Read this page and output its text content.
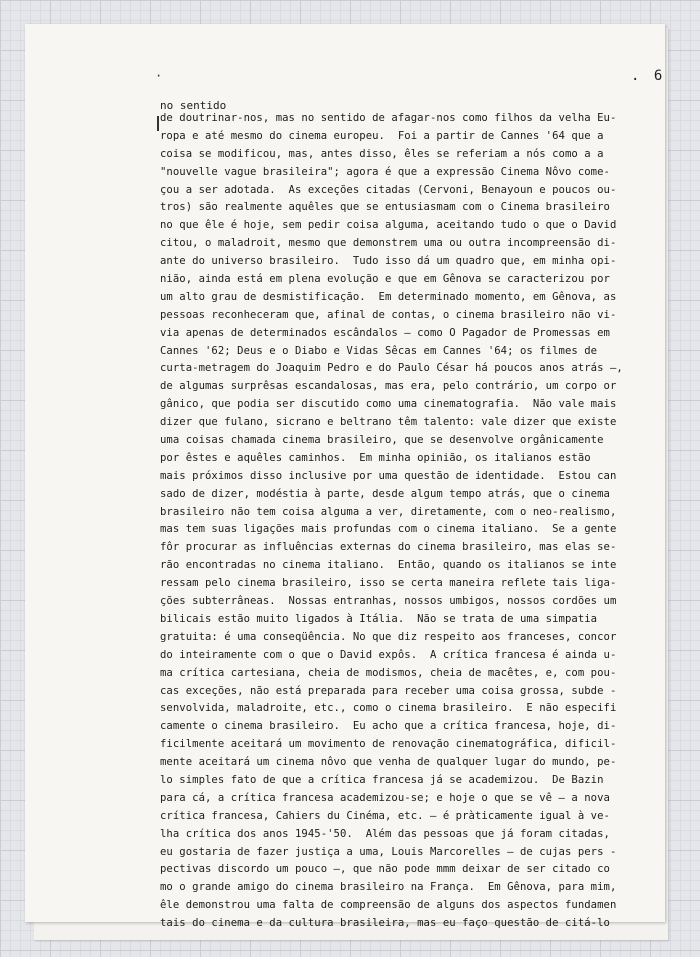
·	. 6
no sentido
de doutrinar-nos, mas no sentido de afagar-nos como filhos da velha Eu-
ropa e até mesmo do cinema europeu.  Foi a partir de Cannes '64 que a
coisa se modificou, mas, antes disso, êles se referiam a nós como a a
"nouvelle vague brasileira"; agora é que a expressão Cinema Nôvo come-
çou a ser adotada.  As exceções citadas (Cervoni, Benayoun e poucos ou-
tros) são realmente aquêles que se entusiasmam com o Cinema brasileiro
no que êle é hoje, sem pedir coisa alguma, aceitando tudo o que o David
citou, o maladroit, mesmo que demonstrem uma ou outra incompreensão di-
ante do universo brasileiro.  Tudo isso dá um quadro que, em minha opi-
nião, ainda está em plena evolução e que em Gênova se caracterizou por
um alto grau de desmistificação.  Em determinado momento, em Gênova, as
pessoas reconheceram que, afinal de contas, o cinema brasileiro não vi-
via apenas de determinados escândalos — como O Pagador de Promessas em
Cannes '62; Deus e o Diabo e Vidas Sêcas em Cannes '64; os filmes de
curta-metragem do Joaquim Pedro e do Paulo César há poucos anos atrás —,
de algumas surprêsas escandalosas, mas era, pelo contrário, um corpo or
gânico, que podia ser discutido como uma cinematografia.  Não vale mais
dizer que fulano, sicrano e beltrano têm talento: vale dizer que existe
uma coisas chamada cinema brasileiro, que se desenvolve orgânicamente
por êstes e aquêles caminhos.  Em minha opinião, os italianos estão
mais próximos disso inclusive por uma questão de identidade.  Estou can
sado de dizer, modéstia à parte, desde algum tempo atrás, que o cinema
brasileiro não tem coisa alguma a ver, diretamente, com o neo-realismo,
mas tem suas ligações mais profundas com o cinema italiano.  Se a gente
fôr procurar as influências externas do cinema brasileiro, mas elas se-
rão encontradas no cinema italiano.  Então, quando os italianos se inte
ressam pelo cinema brasileiro, isso se certa maneira reflete tais liga-
ções subterrâneas.  Nossas entranhas, nossos umbigos, nossos cordões um
bilicais estão muito ligados à Itália.  Não se trata de uma simpatia
gratuita: é uma conseqüência. No que diz respeito aos franceses, concor
do inteiramente com o que o David expôs.  A crítica francesa é ainda u-
ma crítica cartesiana, cheia de modismos, cheia de macêtes, e, com pou-
cas exceções, não está preparada para receber uma coisa grossa, subde -
senvolvida, maladroite, etc., como o cinema brasileiro.  E não especifi
camente o cinema brasileiro.  Eu acho que a crítica francesa, hoje, di-
ficilmente aceitará um movimento de renovação cinematográfica, dificil-
mente aceitará um cinema nôvo que venha de qualquer lugar do mundo, pe-
lo simples fato de que a crítica francesa já se academizou.  De Bazin
para cá, a crítica francesa academizou-se; e hoje o que se vê — a nova
crítica francesa, Cahiers du Cinéma, etc. — é pràticamente igual à ve-
lha crítica dos anos 1945-'50.  Além das pessoas que já foram citadas,
eu gostaria de fazer justiça a uma, Louis Marcorelles — de cujas pers -
pectivas discordo um pouco —, que não pode mmm deixar de ser citado co
mo o grande amigo do cinema brasileiro na França.  Em Gênova, para mim,
êle demonstrou uma falta de compreensão de alguns dos aspectos fundamen
tais do cinema e da cultura brasileira, mas eu faço questão de citá-lo
